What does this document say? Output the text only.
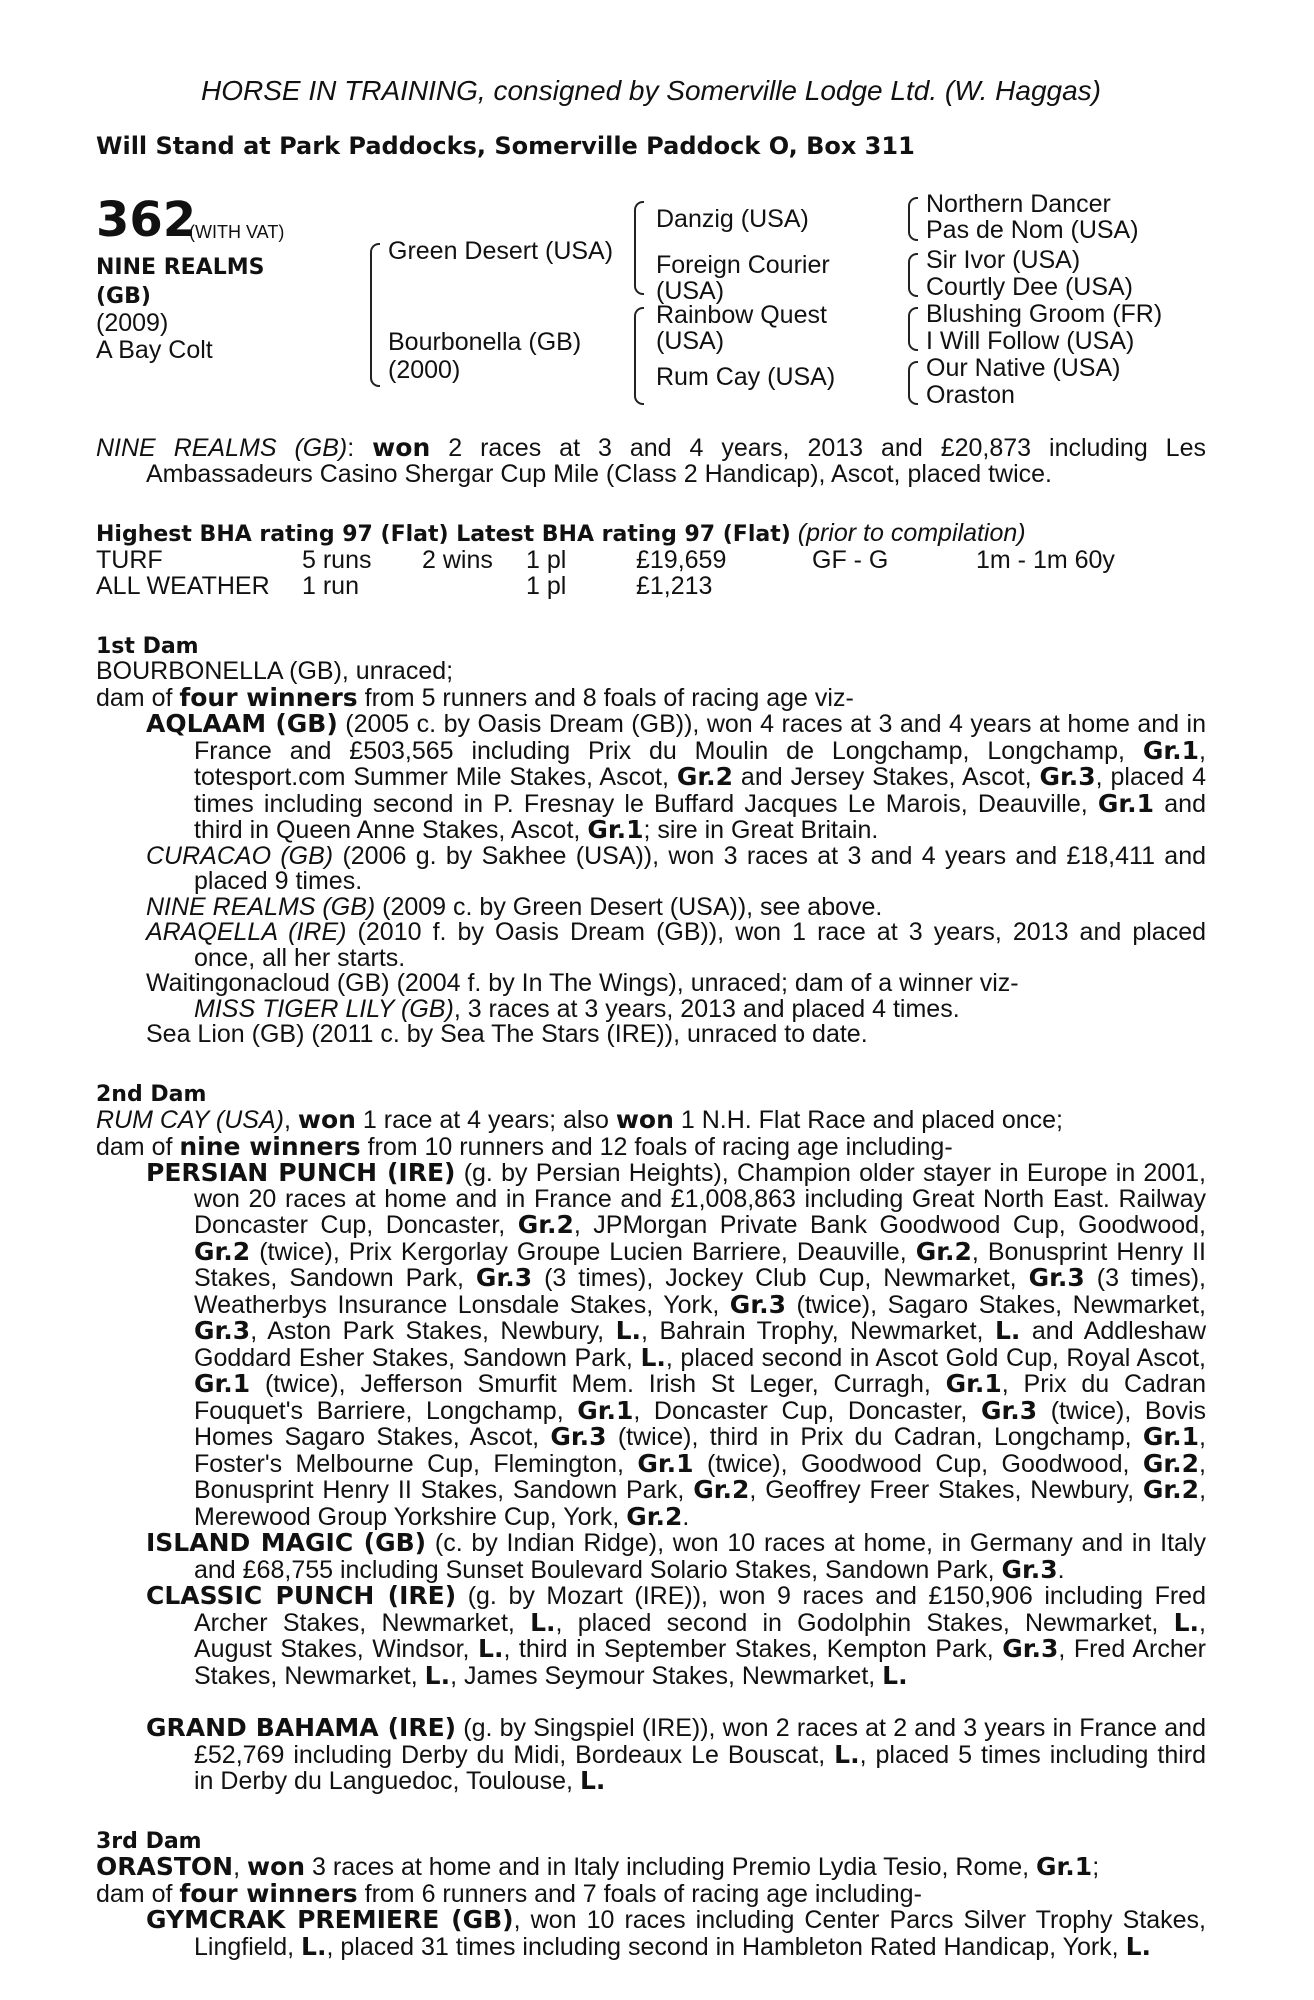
HORSE IN TRAINING, consigned by Somerville Lodge Ltd. (W. Haggas)
Will Stand at Park Paddocks, Somerville Paddock O, Box 311
362
(WITH VAT)
NINE REALMS (GB)
(2009)
A Bay Colt
Green Desert (USA)
Bourbonella (GB)
(2000)
Danzig (USA)
Foreign Courier (USA)
Rainbow Quest (USA)
Rum Cay (USA)
Northern Dancer
Pas de Nom (USA)
Sir Ivor (USA)
Courtly Dee (USA)
Blushing Groom (FR)
I Will Follow (USA)
Our Native (USA)
Oraston

NINE REALMS (GB): won 2 races at 3 and 4 years, 2013 and £20,873 including Les Ambassadeurs Casino Shergar Cup Mile (Class 2 Handicap), Ascot, placed twice.

Highest BHA rating 97 (Flat) Latest BHA rating 97 (Flat) (prior to compilation)
TURF	5 runs 2 wins 1 pl	£19,659	GF - G	1m - 1m 60y
ALL WEATHER 1 run	1 pl	£1,213
1st Dam
BOURBONELLA (GB), unraced;
dam of four winners from 5 runners and 8 foals of racing age viz-

AQLAAM (GB) (2005 c. by Oasis Dream (GB)), won 4 races at 3 and 4 years at home and in France and £503,565 including Prix du Moulin de Longchamp, Longchamp, Gr.1, totesport.com Summer Mile Stakes, Ascot, Gr.2 and Jersey Stakes, Ascot, Gr.3, placed 4 times including second in P. Fresnay le Buffard Jacques Le Marois, Deauville, Gr.1 and third in Queen Anne Stakes, Ascot, Gr.1; sire in Great Britain.

CURACAO (GB) (2006 g. by Sakhee (USA)), won 3 races at 3 and 4 years and £18,411 and placed 9 times.

NINE REALMS (GB) (2009 c. by Green Desert (USA)), see above.

ARAQELLA (IRE) (2010 f. by Oasis Dream (GB)), won 1 race at 3 years, 2013 and placed once, all her starts.

Waitingonacloud (GB) (2004 f. by In The Wings), unraced; dam of a winner viz-

MISS TIGER LILY (GB), 3 races at 3 years, 2013 and placed 4 times.

Sea Lion (GB) (2011 c. by Sea The Stars (IRE)), unraced to date.

2nd Dam
RUM CAY (USA), won 1 race at 4 years; also won 1 N.H. Flat Race and placed once;
dam of nine winners from 10 runners and 12 foals of racing age including-

PERSIAN PUNCH (IRE) (g. by Persian Heights), Champion older stayer in Europe in 2001, won 20 races at home and in France and £1,008,863 including Great North East. Railway Doncaster Cup, Doncaster, Gr.2, JPMorgan Private Bank Goodwood Cup, Goodwood, Gr.2 (twice), Prix Kergorlay Groupe Lucien Barriere, Deauville, Gr.2, Bonusprint Henry II Stakes, Sandown Park, Gr.3 (3 times), Jockey Club Cup, Newmarket, Gr.3 (3 times), Weatherbys Insurance Lonsdale Stakes, York, Gr.3 (twice), Sagaro Stakes, Newmarket, Gr.3, Aston Park Stakes, Newbury, L., Bahrain Trophy, Newmarket, L. and Addleshaw Goddard Esher Stakes, Sandown Park, L., placed second in Ascot Gold Cup, Royal Ascot, Gr.1 (twice), Jefferson Smurfit Mem. Irish St Leger, Curragh, Gr.1, Prix du Cadran Fouquet's Barriere, Longchamp, Gr.1, Doncaster Cup, Doncaster, Gr.3 (twice), Bovis Homes Sagaro Stakes, Ascot, Gr.3 (twice), third in Prix du Cadran, Longchamp, Gr.1, Foster's Melbourne Cup, Flemington, Gr.1 (twice), Goodwood Cup, Goodwood, Gr.2, Bonusprint Henry II Stakes, Sandown Park, Gr.2, Geoffrey Freer Stakes, Newbury, Gr.2, Merewood Group Yorkshire Cup, York, Gr.2.

ISLAND MAGIC (GB) (c. by Indian Ridge), won 10 races at home, in Germany and in Italy and £68,755 including Sunset Boulevard Solario Stakes, Sandown Park, Gr.3.

CLASSIC PUNCH (IRE) (g. by Mozart (IRE)), won 9 races and £150,906 including Fred Archer Stakes, Newmarket, L., placed second in Godolphin Stakes, Newmarket, L., August Stakes, Windsor, L., third in September Stakes, Kempton Park, Gr.3, Fred Archer Stakes, Newmarket, L., James Seymour Stakes, Newmarket, L.

GRAND BAHAMA (IRE) (g. by Singspiel (IRE)), won 2 races at 2 and 3 years in France and £52,769 including Derby du Midi, Bordeaux Le Bouscat, L., placed 5 times including third in Derby du Languedoc, Toulouse, L.

3rd Dam
ORASTON, won 3 races at home and in Italy including Premio Lydia Tesio, Rome, Gr.1;
dam of four winners from 6 runners and 7 foals of racing age including-

GYMCRAK PREMIERE (GB), won 10 races including Center Parcs Silver Trophy Stakes, Lingfield, L., placed 31 times including second in Hambleton Rated Handicap, York, L.
